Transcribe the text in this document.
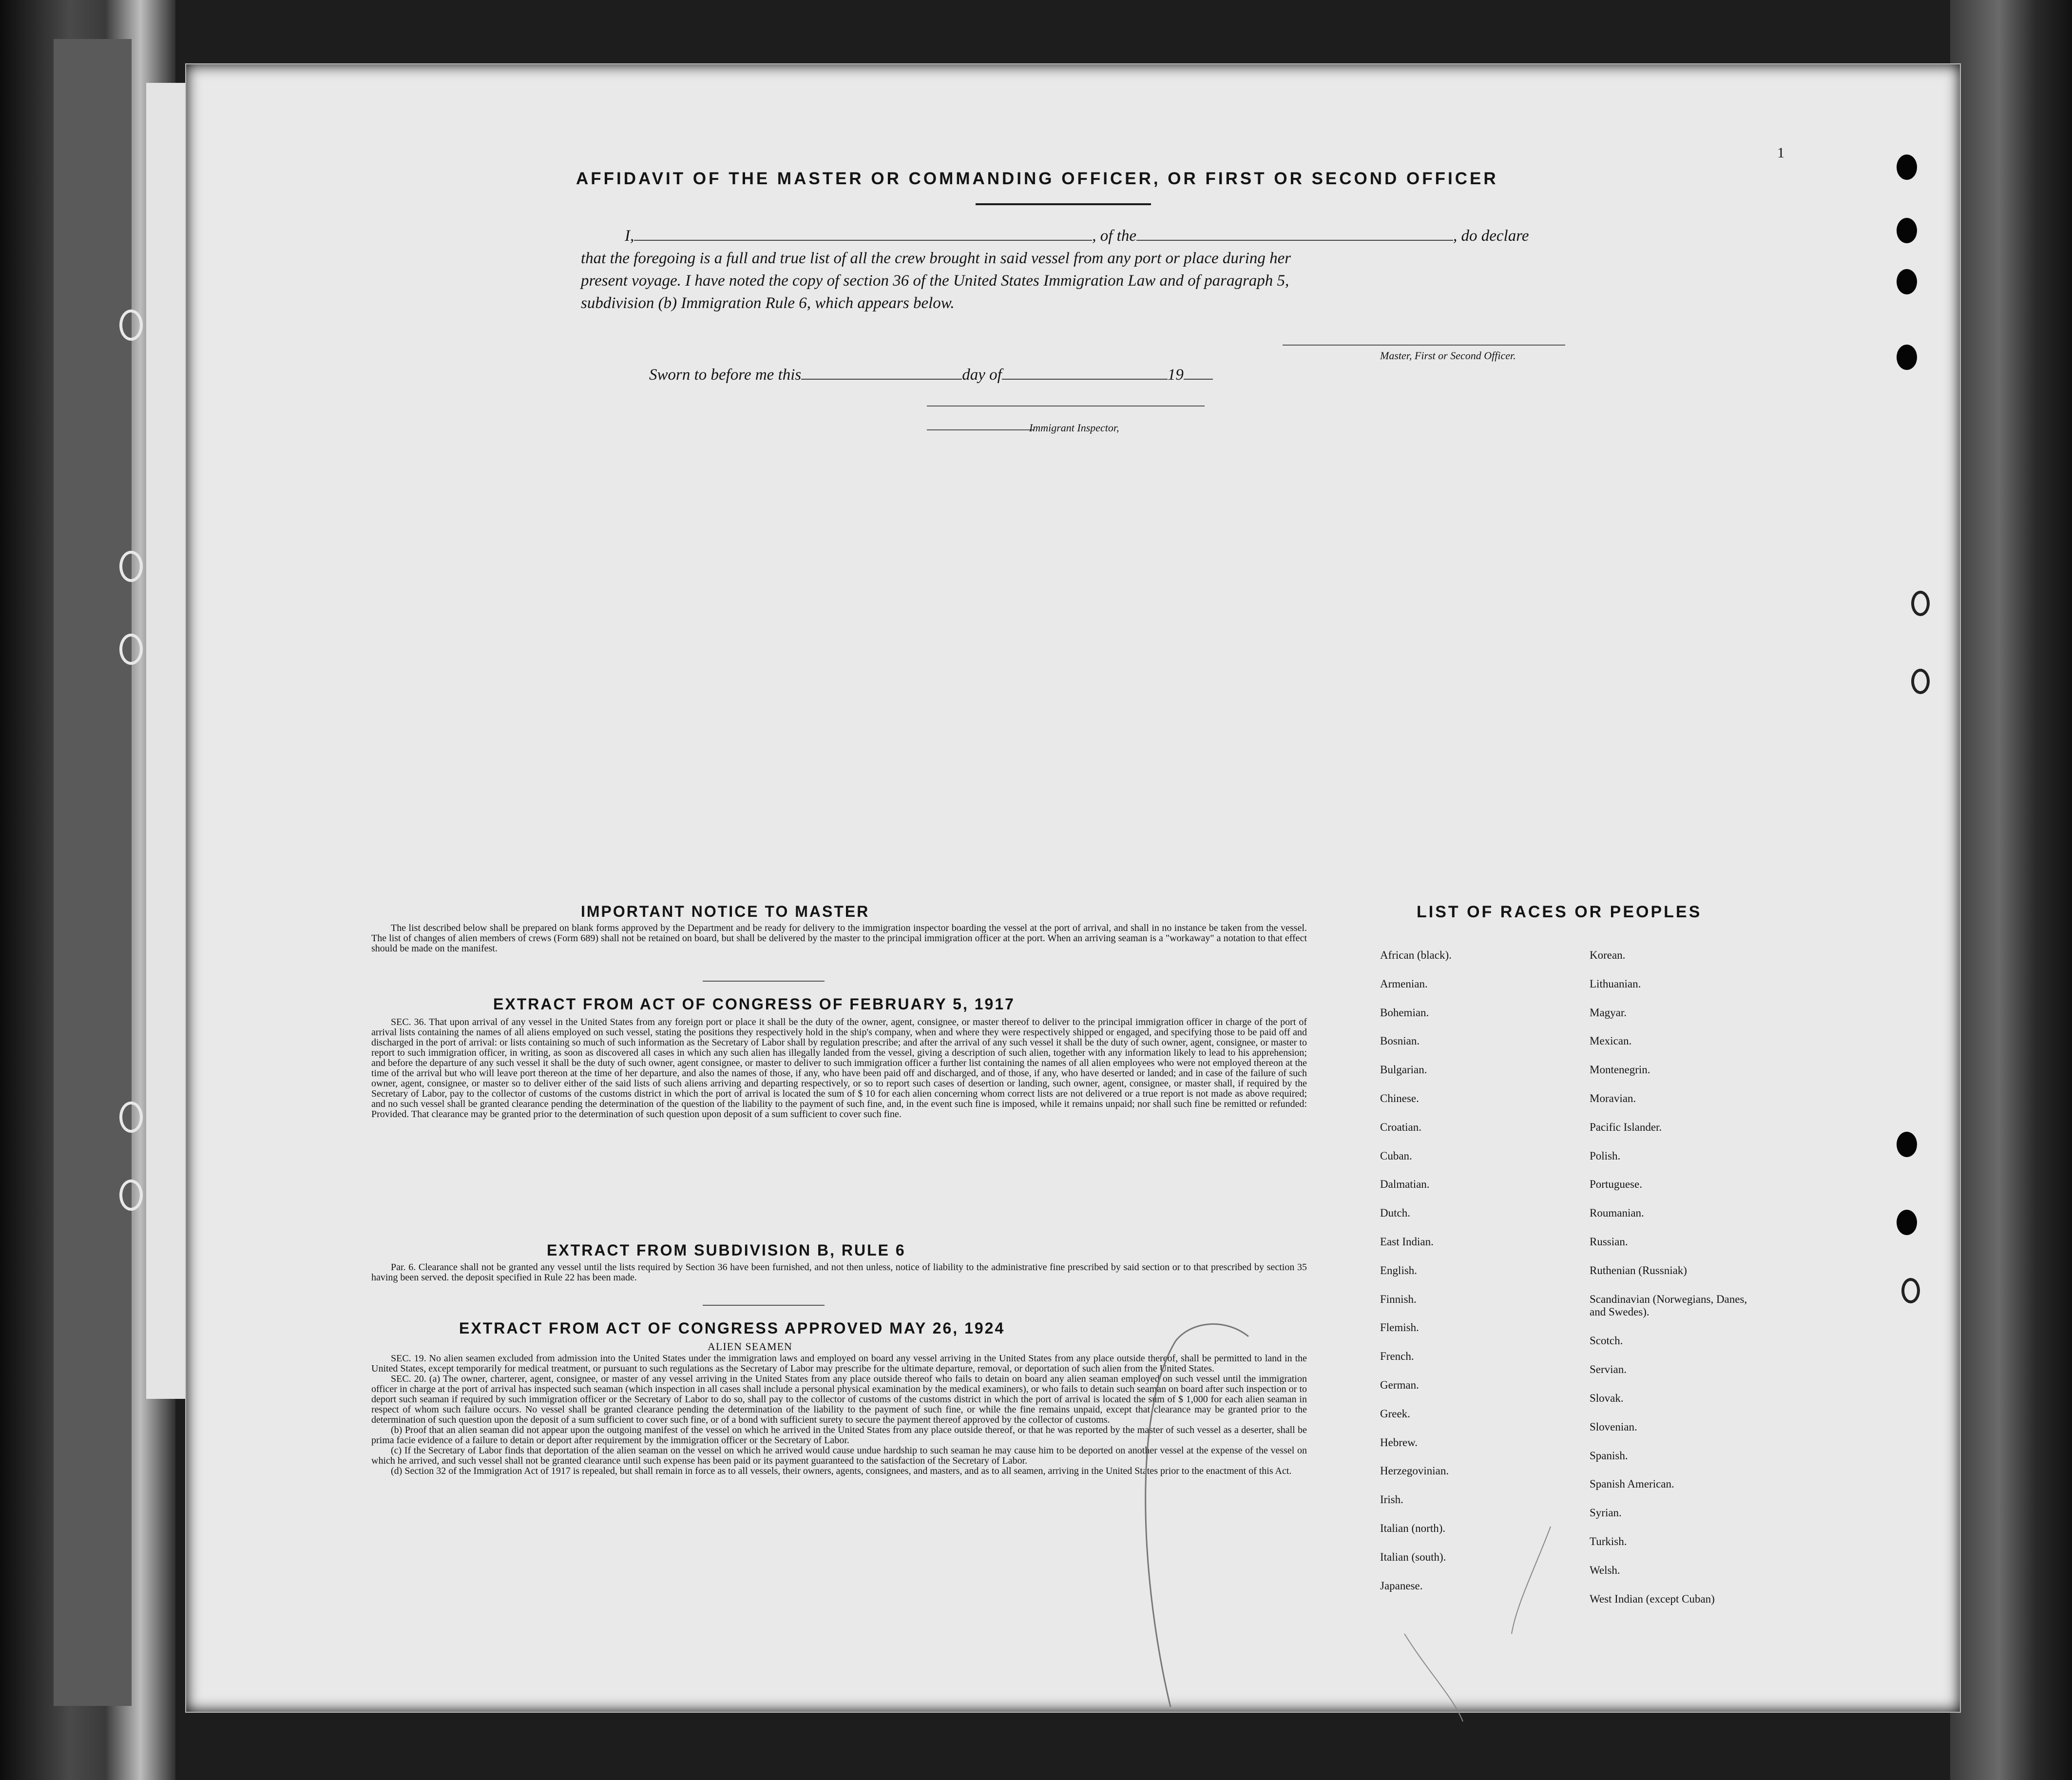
1
AFFIDAVIT OF THE MASTER OR COMMANDING OFFICER, OR FIRST OR SECOND OFFICER
I,	, of the	, do declare
that the foregoing is a full and true list of all the crew brought in said vessel from any port or place during her
present voyage. I have noted the copy of section 36 of the United States Immigration Law and of paragraph 5,
subdivision (b) Immigration Rule 6, which appears below.
Master, First or Second Officer.
Sworn to before me this	day of	19
Immigrant Inspector,
IMPORTANT NOTICE TO MASTER
The list described below shall be prepared on blank forms approved by the Department and be ready for delivery to the immigration inspector boarding the vessel at the port of arrival, and shall in no instance be taken from the vessel. The list of changes of alien members of crews (Form 689) shall not be retained on board, but shall be delivered by the master to the principal immigration officer at the port. When an arriving seaman is a "workaway" a notation to that effect should be made on the manifest.
EXTRACT FROM ACT OF CONGRESS OF FEBRUARY 5, 1917
SEC. 36. That upon arrival of any vessel in the United States from any foreign port or place it shall be the duty of the owner, agent, consignee, or master thereof to deliver to the principal immigration officer in charge of the port of arrival lists containing the names of all aliens employed on such vessel, stating the positions they respectively hold in the ship's company, when and where they were respectively shipped or engaged, and specifying those to be paid off and discharged in the port of arrival: or lists containing so much of such information as the Secretary of Labor shall by regulation prescribe; and after the arrival of any such vessel it shall be the duty of such owner, agent, consignee, or master to report to such immigration officer, in writing, as soon as discovered all cases in which any such alien has illegally landed from the vessel, giving a description of such alien, together with any information likely to lead to his apprehension; and before the departure of any such vessel it shall be the duty of such owner, agent consignee, or master to deliver to such immigration officer a further list containing the names of all alien employees who were not employed thereon at the time of the arrival but who will leave port thereon at the time of her departure, and also the names of those, if any, who have been paid off and discharged, and of those, if any, who have deserted or landed; and in case of the failure of such owner, agent, consignee, or master so to deliver either of the said lists of such aliens arriving and departing respectively, or so to report such cases of desertion or landing, such owner, agent, consignee, or master shall, if required by the Secretary of Labor, pay to the collector of customs of the customs district in which the port of arrival is located the sum of $ 10 for each alien concerning whom correct lists are not delivered or a true report is not made as above required; and no such vessel shall be granted clearance pending the determination of the question of the liability to the payment of such fine, and, in the event such fine is imposed, while it remains unpaid; nor shall such fine be remitted or refunded: Provided. That clearance may be granted prior to the determination of such question upon deposit of a sum sufficient to cover such fine.
EXTRACT FROM SUBDIVISION B, RULE 6
Par. 6. Clearance shall not be granted any vessel until the lists required by Section 36 have been furnished, and not then unless, notice of liability to the administrative fine prescribed by said section or to that prescribed by section 35 having been served. the deposit specified in Rule 22 has been made.
EXTRACT FROM ACT OF CONGRESS APPROVED MAY 26, 1924
ALIEN SEAMEN
SEC. 19. No alien seamen excluded from admission into the United States under the immigration laws and employed on board any vessel arriving in the United States from any place outside thereof, shall be permitted to land in the United States, except temporarily for medical treatment, or pursuant to such regulations as the Secretary of Labor may prescribe for the ultimate departure, removal, or deportation of such alien from the United States.
SEC. 20. (a) The owner, charterer, agent, consignee, or master of any vessel arriving in the United States from any place outside thereof who fails to detain on board any alien seaman employed on such vessel until the immigration officer in charge at the port of arrival has inspected such seaman (which inspection in all cases shall include a personal physical examination by the medical examiners), or who fails to detain such seaman on board after such inspection or to deport such seaman if required by such immigration officer or the Secretary of Labor to do so, shall pay to the collector of customs of the customs district in which the port of arrival is located the sum of $ 1,000 for each alien seaman in respect of whom such failure occurs. No vessel shall be granted clearance pending the determination of the liability to the payment of such fine, or while the fine remains unpaid, except that clearance may be granted prior to the determination of such question upon the deposit of a sum sufficient to cover such fine, or of a bond with sufficient surety to secure the payment thereof approved by the collector of customs.
(b) Proof that an alien seaman did not appear upon the outgoing manifest of the vessel on which he arrived in the United States from any place outside thereof, or that he was reported by the master of such vessel as a deserter, shall be prima facie evidence of a failure to detain or deport after requirement by the immigration officer or the Secretary of Labor.
(c) If the Secretary of Labor finds that deportation of the alien seaman on the vessel on which he arrived would cause undue hardship to such seaman he may cause him to be deported on another vessel at the expense of the vessel on which he arrived, and such vessel shall not be granted clearance until such expense has been paid or its payment guaranteed to the satisfaction of the Secretary of Labor.
(d) Section 32 of the Immigration Act of 1917 is repealed, but shall remain in force as to all vessels, their owners, agents, consignees, and masters, and as to all seamen, arriving in the United States prior to the enactment of this Act.
LIST OF RACES OR PEOPLES
African (black).
Armenian.
Bohemian.
Bosnian.
Bulgarian.
Chinese.
Croatian.
Cuban.
Dalmatian.
Dutch.
East Indian.
English.
Finnish.
Flemish.
French.
German.
Greek.
Hebrew.
Herzegovinian.
Irish.
Italian (north).
Italian (south).
Japanese.
Korean.
Lithuanian.
Magyar.
Mexican.
Montenegrin.
Moravian.
Pacific Islander.
Polish.
Portuguese.
Roumanian.
Russian.
Ruthenian (Russniak)
Scandinavian (Norwegians, Danes, and Swedes).
Scotch.
Servian.
Slovak.
Slovenian.
Spanish.
Spanish American.
Syrian.
Turkish.
Welsh.
West Indian (except Cuban)
